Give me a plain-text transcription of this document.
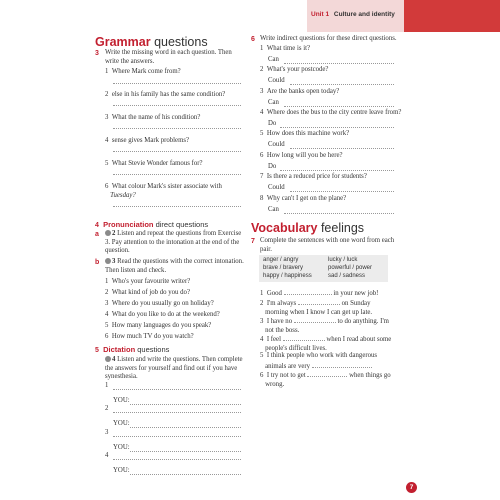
Unit 1 Culture and identity
Grammar questions
3 Write the missing word in each question. Then write the answers.
1 Where Mark come from?
2 else in his family has the same condition?
3 What the name of his condition?
4 sense gives Mark problems?
5 What Stevie Wonder famous for?
6 What colour Mark's sister associate with
Tuesday?
4 Pronunciation direct questions
a	2 Listen and repeat the questions from Exercise 3. Pay attention to the intonation at the end of the question.
b	3 Read the questions with the correct intonation. Then listen and check.
1 Who's your favourite writer?
2 What kind of job do you do?
3 Where do you usually go on holiday?
4 What do you like to do at the weekend?
5 How many languages do you speak?
6 How much TV do you watch?
5 Dictation questions
4 Listen and write the questions. Then complete the answers for yourself and find out if you have synesthesia.
1
YOU:
2
YOU:
3
YOU:
4
YOU:
6 Write indirect questions for these direct questions.
1 What time is it?
Can
2 What's your postcode?
Could
3 Are the banks open today?
Can
4 Where does the bus to the city centre leave from?
Do
5 How does this machine work?
Could
6 How long will you be here?
Do
7 Is there a reduced price for students?
Could
8 Why can't I get on the plane?
Can
Vocabulary feelings
7 Complete the sentences with one word from each pair.
anger / angry	lucky / luck
brave / bravery	powerful / power
happy / happiness	sad / sadness
1 Good	in your new job!
2 I'm always	on Sunday
morning when I know I can get up late.
3 I have no	to do anything. I'm
not the boss.
4 I feel	when I read about some
people's difficult lives.
5 I think people who work with dangerous
animals are very
6 I try not to get	when things go
wrong.
7
